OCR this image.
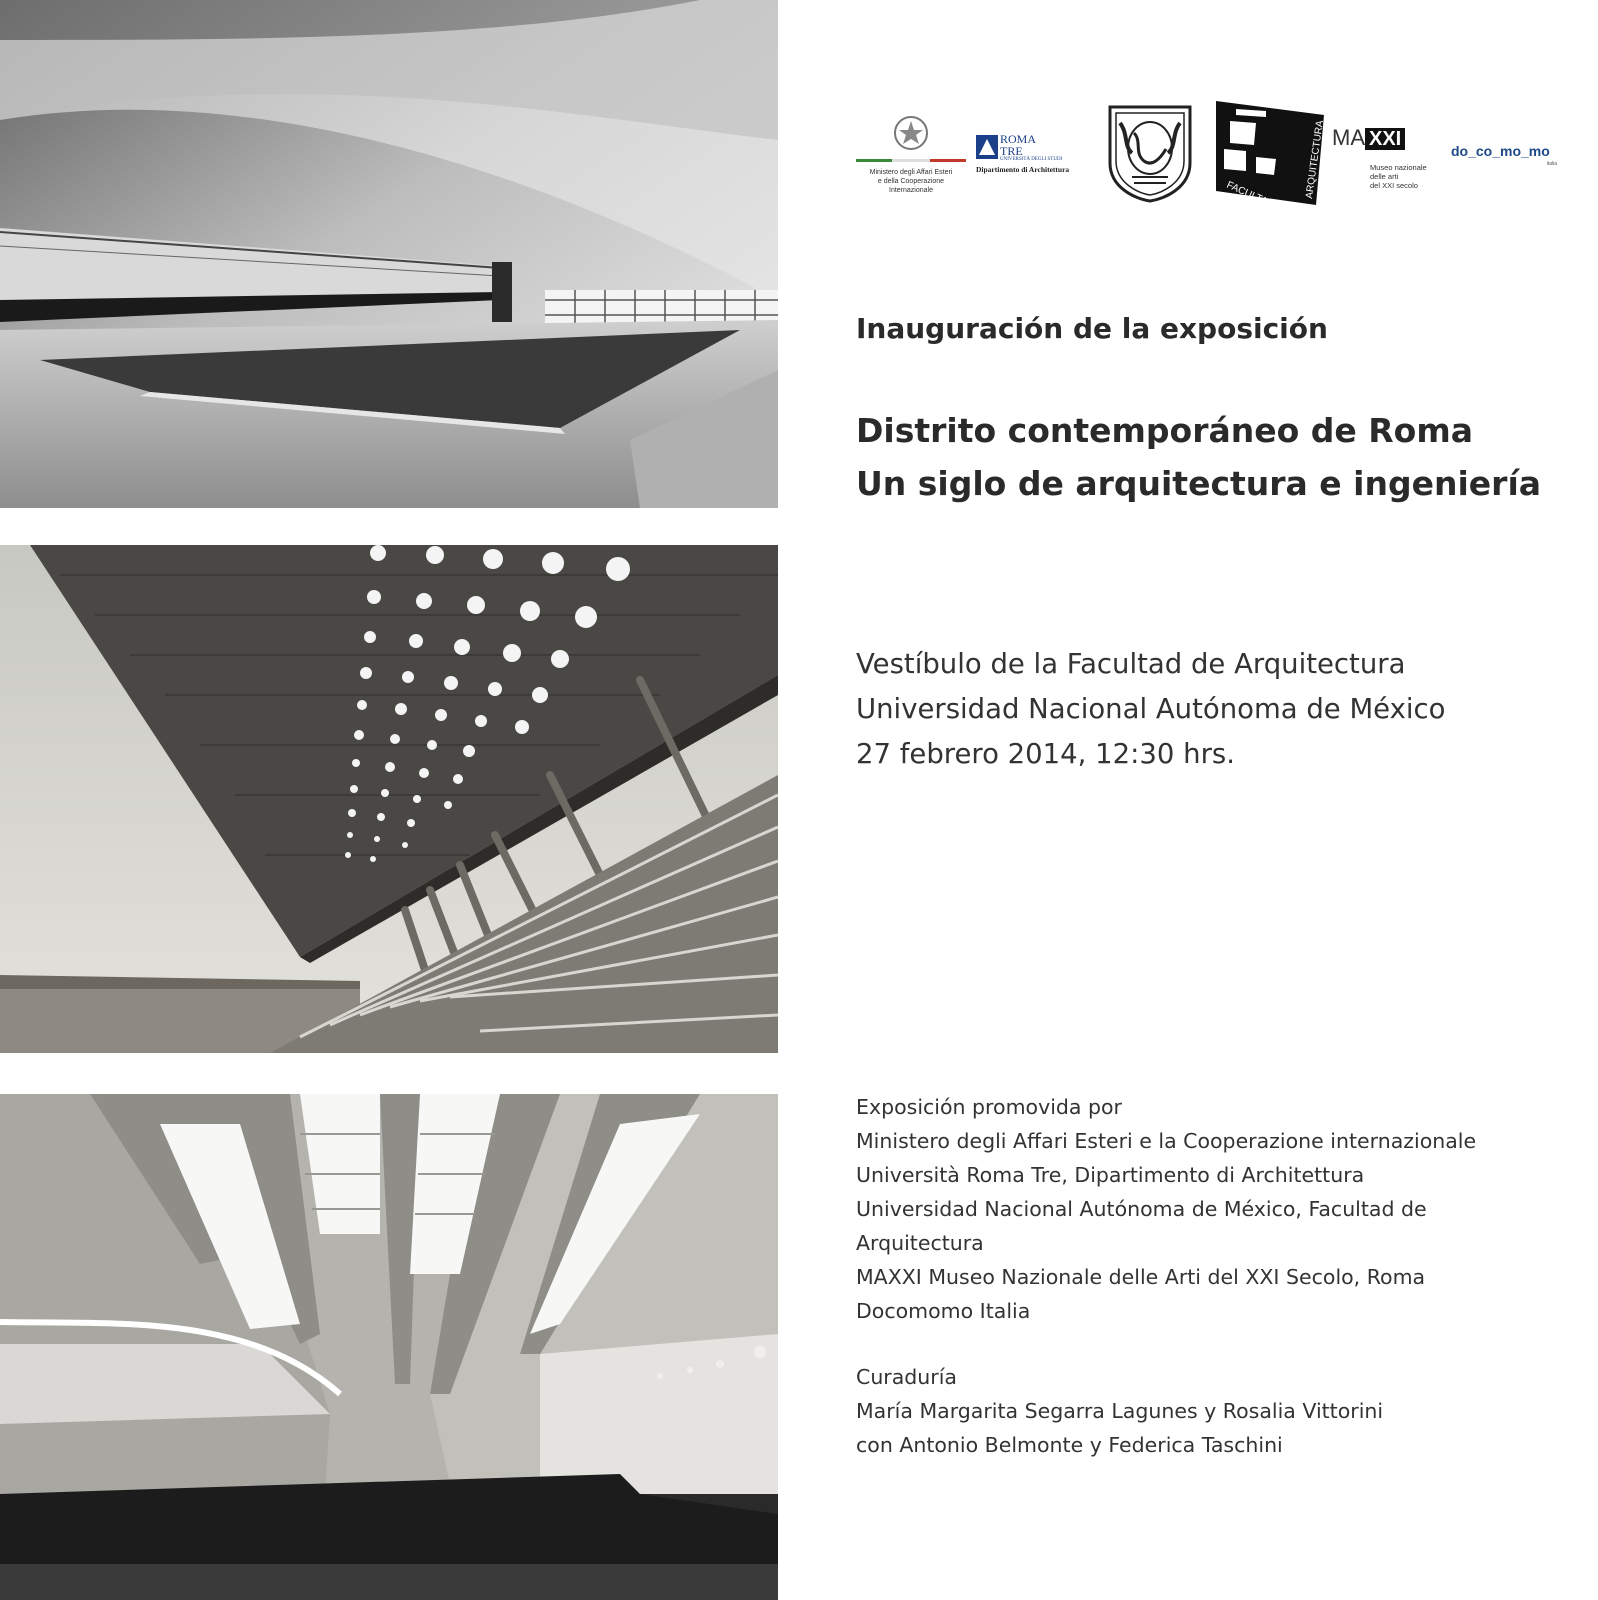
Ministero degli Affari Esteri
e della Cooperazione Internazionale
ROMA
TRE
UNIVERSITÀ DEGLI STUDI
Dipartimento di Architettura
FACULTAD	ARQUITECTURA MA XXI
Museo nazionale
delle arti
del XXI secolo
do_co_mo_mo
italia
Inauguración de la exposición
Distrito contemporáneo de Roma
Un siglo de arquitectura e ingeniería
Vestíbulo de la Facultad de Arquitectura
Universidad Nacional Autónoma de México
27 febrero 2014, 12:30 hrs.
Exposición promovida por
Ministero degli Affari Esteri e la Cooperazione internazionale
Università Roma Tre, Dipartimento di Architettura
Universidad Nacional Autónoma de México, Facultad de
Arquitectura
MAXXI Museo Nazionale delle Arti del XXI Secolo, Roma
Docomomo Italia
Curaduría
María Margarita Segarra Lagunes y Rosalia Vittorini
con Antonio Belmonte y Federica Taschini
